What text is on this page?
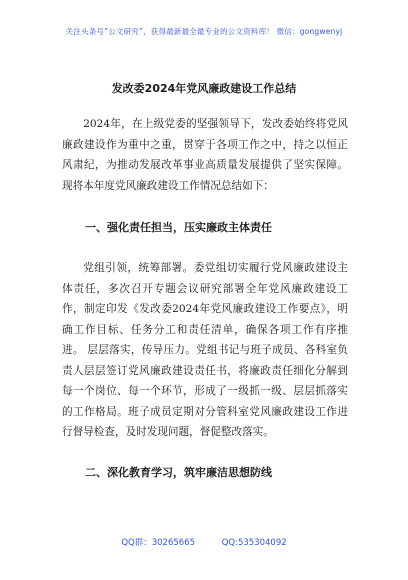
关注头条号“公文研究”，获得最新最全最专业的公文资料库！ 微信：gongwenyj
发改委2024年党风廉政建设工作总结

2024年，在上级党委的坚强领导下，发改委始终将党风廉政建设作为重中之重，贯穿于各项工作之中，持之以恒正风肃纪，为推动发展改革事业高质量发展提供了坚实保障。现将本年度党风廉政建设工作情况总结如下：

一、强化责任担当，压实廉政主体责任

党组引领，统筹部署。委党组切实履行党风廉政建设主体责任，多次召开专题会议研究部署全年党风廉政建设工作，制定印发《发改委2024年党风廉政建设工作要点》，明确工作目标、任务分工和责任清单，确保各项工作有序推进。 层层落实，传导压力。党组书记与班子成员、各科室负责人层层签订党风廉政建设责任书，将廉政责任细化分解到每一个岗位、每一个环节，形成了一级抓一级、层层抓落实的工作格局。班子成员定期对分管科室党风廉政建设工作进行督导检查，及时发现问题，督促整改落实。

二、深化教育学习，筑牢廉洁思想防线
QQ群：30265665	QQ:535304092
